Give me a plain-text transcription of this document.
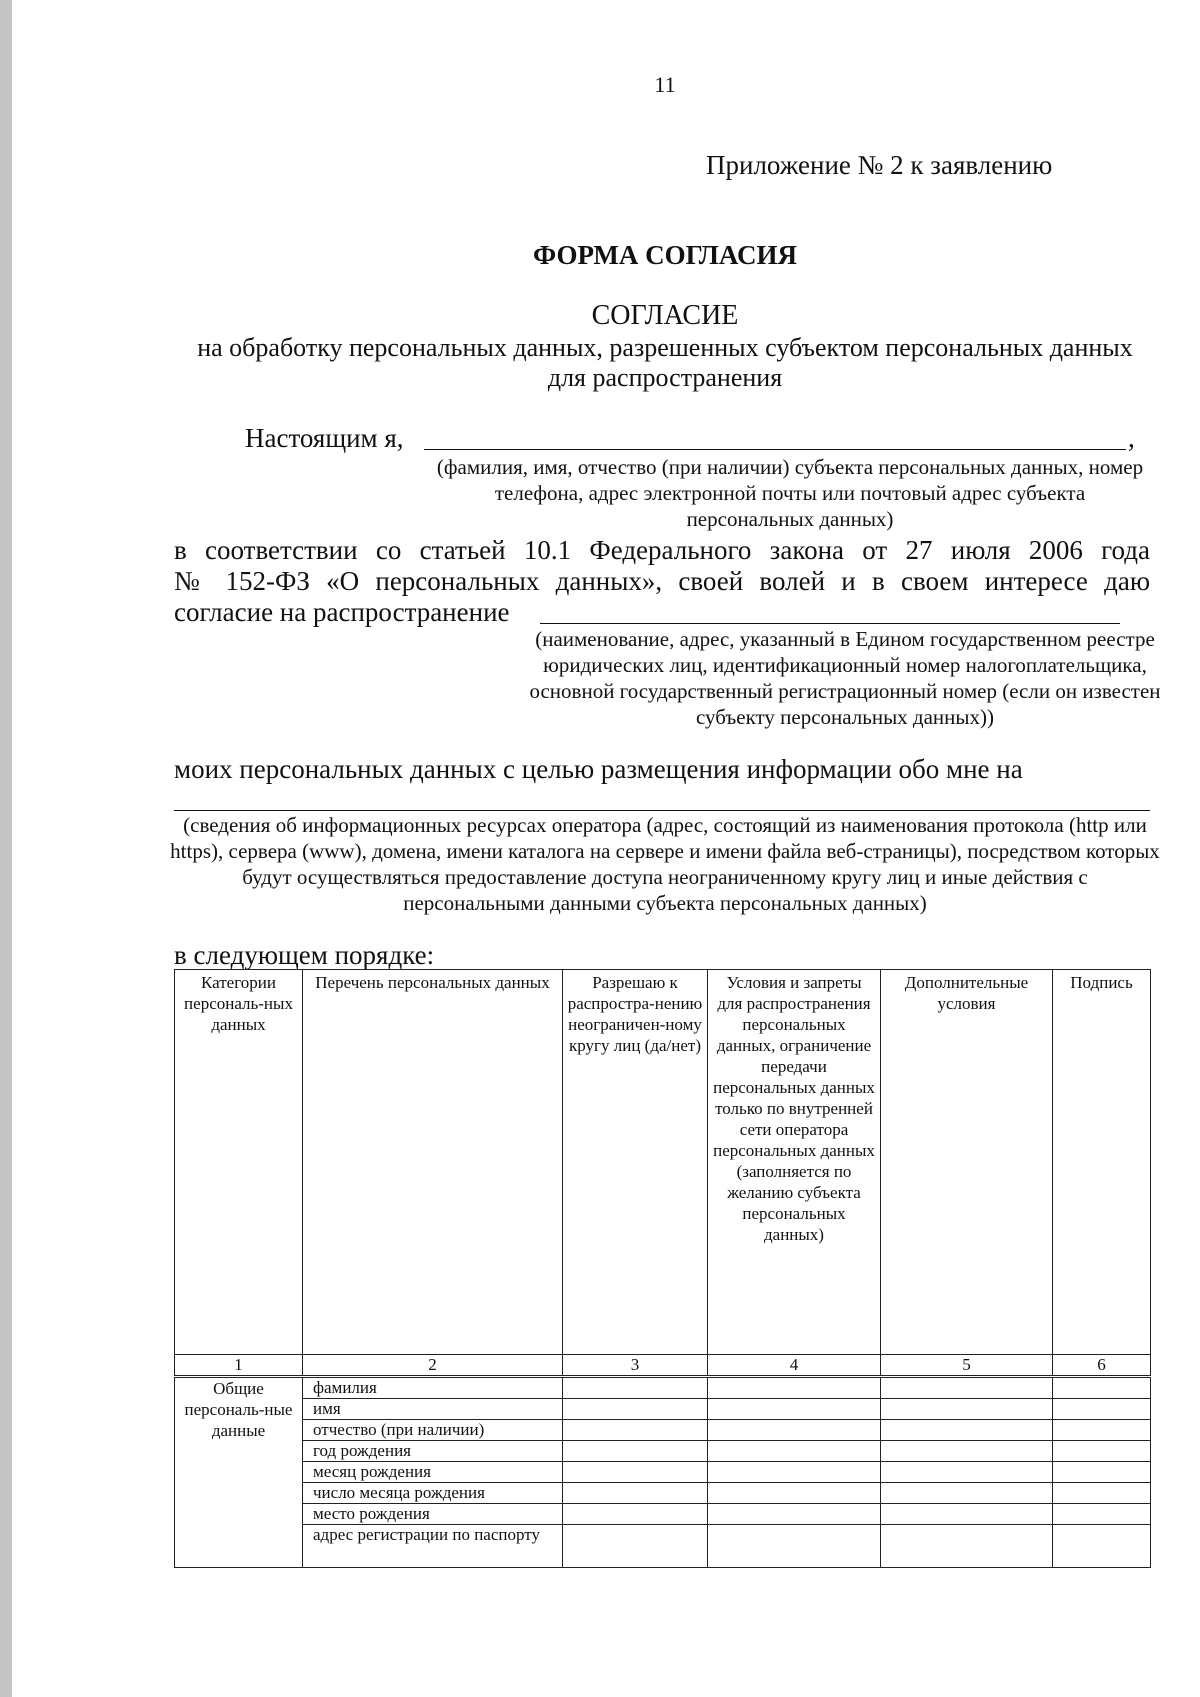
11
Приложение № 2 к заявлению
ФОРМА СОГЛАСИЯ
СОГЛАСИЕ
на обработку персональных данных, разрешенных субъектом персональных данных для распространения
Настоящим я,	,
(фамилия, имя, отчество (при наличии) субъекта персональных данных, номер телефона, адрес электронной почты или почтовый адрес субъекта персональных данных)
в соответствии со статьей 10.1 Федерального закона от 27 июля 2006 года
№ 152-ФЗ «О персональных данных», своей волей и в своем интересе даю
согласие на распространение
(наименование, адрес, указанный в Едином государственном реестре юридических лиц, идентификационный номер налогоплательщика, основной государственный регистрационный номер (если он известен субъекту персональных данных))
моих персональных данных с целью размещения информации обо мне на
(сведения об информационных ресурсах оператора (адрес, состоящий из наименования протокола (http или https), сервера (www), домена, имени каталога на сервере и имени файла веб-страницы), посредством которых будут осуществляться предоставление доступа неограниченному кругу лиц и иные действия с персональными данными субъекта персональных данных)
в следующем порядке:
Категории персональ-ных данных	Перечень персональных данных	Разрешаю к распростра-нению неограничен-ному кругу лиц (да/нет)	Условия и запреты для распространения персональных данных, ограничение передачи персональных данных только по внутренней сети оператора персональных данных (заполняется по желанию субъекта персональных данных)	Дополнительные условия	Подпись
1	2	3	4	5	6
Общие персональ-ные данные	фамилия				
	имя				
	отчество (при наличии)				
	год рождения				
	месяц рождения				
	число месяца рождения				
	место рождения				
	адрес регистрации по паспорту				
